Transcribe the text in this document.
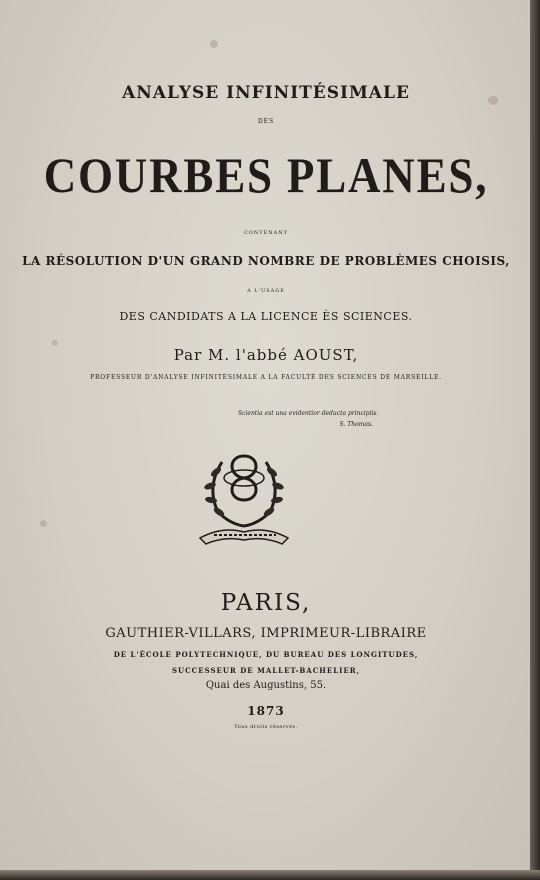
ANALYSE INFINITÉSIMALE
DES
COURBES PLANES,
CONTENANT
LA RÉSOLUTION D'UN GRAND NOMBRE DE PROBLÈMES CHOISIS,
A L'USAGE
DES CANDIDATS A LA LICENCE ÈS SCIENCES.
Par M. l'abbé AOUST,
PROFESSEUR D'ANALYSE INFINITÉSIMALE A LA FACULTÉ DES SCIENCES DE MARSEILLE.
Scientia est una evidentior deducta principiis.
S. Thomas.
PARIS,
GAUTHIER-VILLARS, IMPRIMEUR-LIBRAIRE
DE L'ÉCOLE POLYTECHNIQUE, DU BUREAU DES LONGITUDES,
SUCCESSEUR DE MALLET-BACHELIER,
Quai des Augustins, 55.
1873
Tous droits réservés.
